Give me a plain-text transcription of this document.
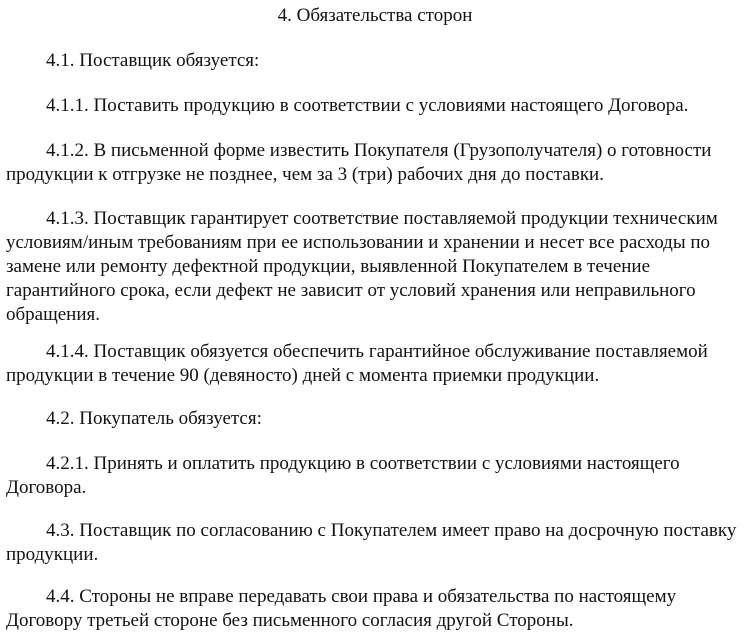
4. Обязательства сторон
4.1. Поставщик обязуется:
4.1.1. Поставить продукцию в соответствии с условиями настоящего Договора.
4.1.2. В письменной форме известить Покупателя (Грузополучателя) о готовности
продукции к отгрузке не позднее, чем за 3 (три) рабочих дня до поставки.
4.1.3. Поставщик гарантирует соответствие поставляемой продукции техническим
условиям/иным требованиям при ее использовании и хранении и несет все расходы по
замене или ремонту дефектной продукции, выявленной Покупателем в течение
гарантийного срока, если дефект не зависит от условий хранения или неправильного
обращения.
4.1.4. Поставщик обязуется обеспечить гарантийное обслуживание поставляемой
продукции в течение 90 (девяносто) дней с момента приемки продукции.
4.2. Покупатель обязуется:
4.2.1. Принять и оплатить продукцию в соответствии с условиями настоящего
Договора.
4.3. Поставщик по согласованию с Покупателем имеет право на досрочную поставку
продукции.
4.4. Стороны не вправе передавать свои права и обязательства по настоящему
Договору третьей стороне без письменного согласия другой Стороны.
